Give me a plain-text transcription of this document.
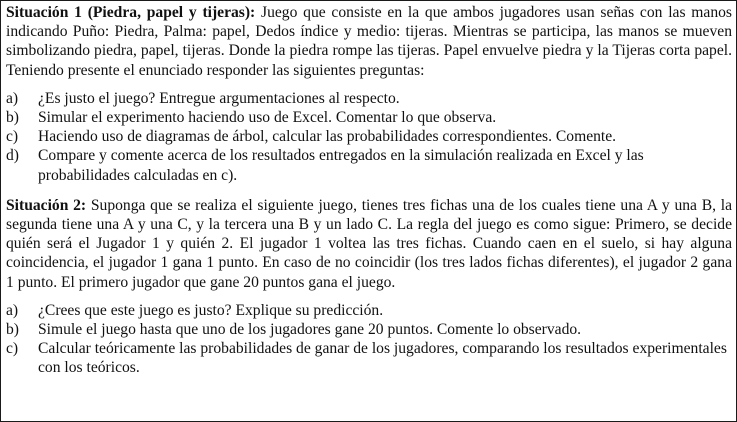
Situación 1 (Piedra, papel y tijeras): Juego que consiste en la que ambos jugadores usan señas con las manos indicando Puño: Piedra, Palma: papel, Dedos índice y medio: tijeras. Mientras se participa, las manos se mueven simbolizando piedra, papel, tijeras. Donde la piedra rompe las tijeras. Papel envuelve piedra y la Tijeras corta papel. Teniendo presente el enunciado responder las siguientes preguntas:

a)	¿Es justo el juego? Entregue argumentaciones al respecto.
b)	Simular el experimento haciendo uso de Excel. Comentar lo que observa.
c)	Haciendo uso de diagramas de árbol, calcular las probabilidades correspondientes. Comente.
d)	Compare y comente acerca de los resultados entregados en la simulación realizada en Excel y las probabilidades calculadas en c).

Situación 2: Suponga que se realiza el siguiente juego, tienes tres fichas una de los cuales tiene una A y una B, la segunda tiene una A y una C, y la tercera una B y un lado C. La regla del juego es como sigue: Primero, se decide quién será el Jugador 1 y quién 2. El jugador 1 voltea las tres fichas. Cuando caen en el suelo, si hay alguna coincidencia, el jugador 1 gana 1 punto. En caso de no coincidir (los tres lados fichas diferentes), el jugador 2 gana 1 punto. El primero jugador que gane 20 puntos gana el juego.

a)	¿Crees que este juego es justo? Explique su predicción.
b)	Simule el juego hasta que uno de los jugadores gane 20 puntos. Comente lo observado.
c)	Calcular teóricamente las probabilidades de ganar de los jugadores, comparando los resultados experimentales con los teóricos.
